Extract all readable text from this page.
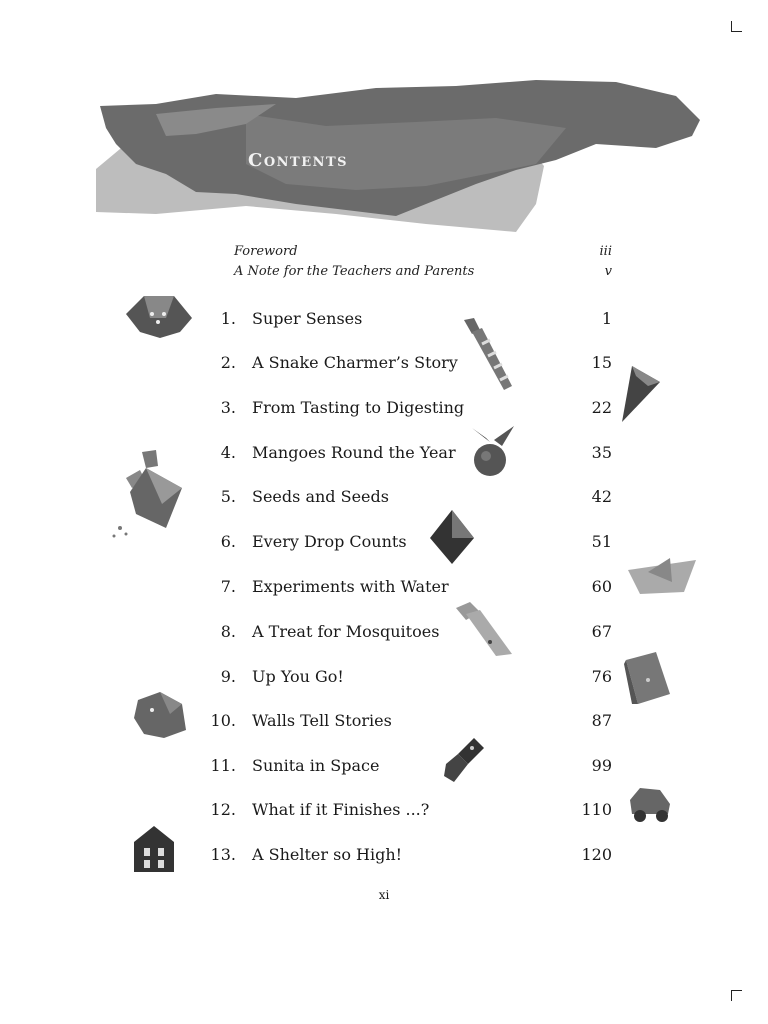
Contents
Foreword	iii
A Note for the Teachers and Parents	v
1. Super Senses	1
2. A Snake Charmer’s Story	15
3. From Tasting to Digesting	22
4. Mangoes Round the Year	35
5. Seeds and Seeds	42
6. Every Drop Counts	51
7. Experiments with Water	60
8. A Treat for Mosquitoes	67
9. Up You Go!	76
10. Walls Tell Stories	87
11. Sunita in Space	99
12. What if it Finishes ...?	110
13. A Shelter so High!	120
xi
